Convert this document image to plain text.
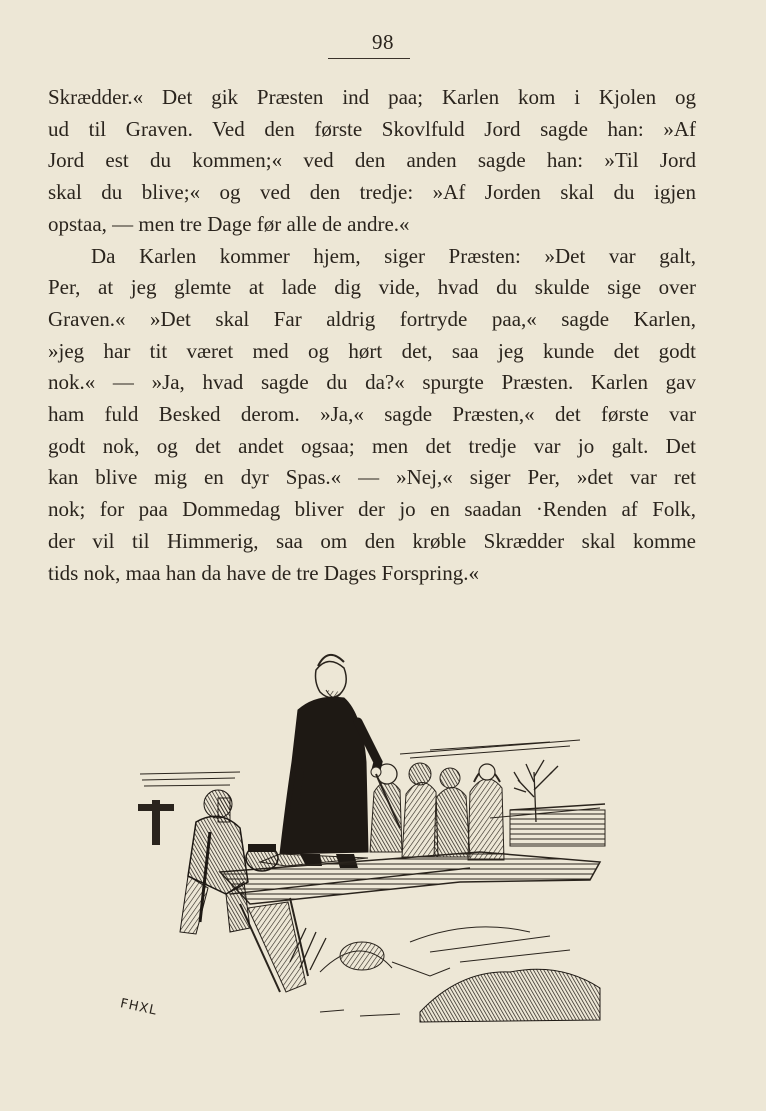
98
Skrædder.« Det gik Præsten ind paa; Karlen kom i Kjolen og
ud til Graven. Ved den første Skovlfuld Jord sagde han: »Af
Jord est du kommen;« ved den anden sagde han: »Til Jord
skal du blive;« og ved den tredje: »Af Jorden skal du igjen
opstaa, — men tre Dage før alle de andre.«
Da Karlen kommer hjem, siger Præsten: »Det var galt,
Per, at jeg glemte at lade dig vide, hvad du skulde sige over
Graven.« »Det skal Far aldrig fortryde paa,« sagde Karlen,
»jeg har tit været med og hørt det, saa jeg kunde det godt
nok.« — »Ja, hvad sagde du da?« spurgte Præsten. Karlen gav
ham fuld Besked derom. »Ja,« sagde Præsten,« det første var
godt nok, og det andet ogsaa; men det tredje var jo galt. Det
kan blive mig en dyr Spas.« — »Nej,« siger Per, »det var ret
nok; for paa Dommedag bliver der jo en saadan ·Renden af Folk,
der vil til Himmerig, saa om den krøble Skrædder skal komme
tids nok, maa han da have de tre Dages Forspring.«
FHXL
